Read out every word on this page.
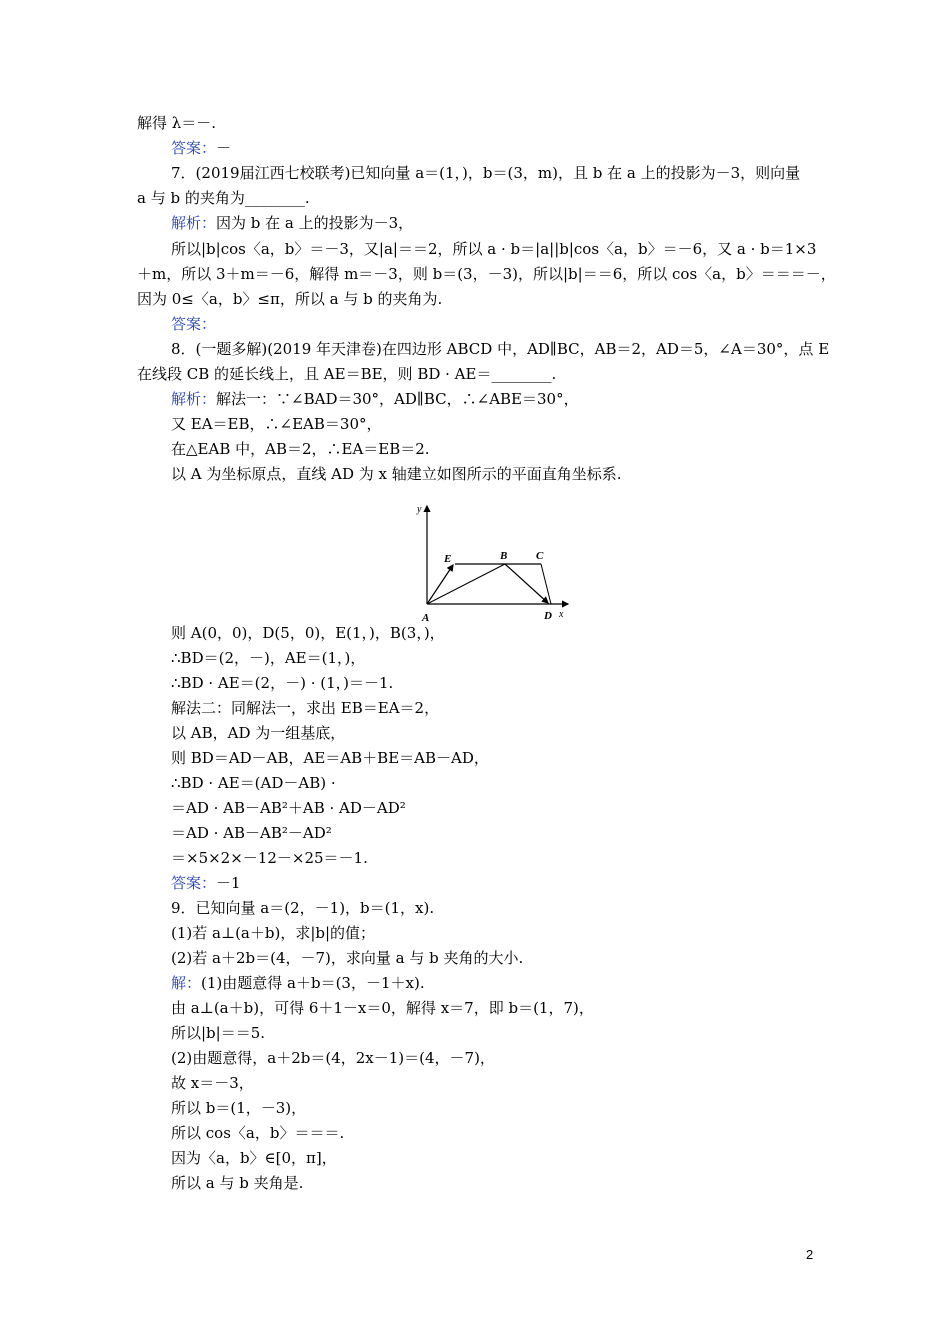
y
x
A	D
E	B	C
2
解得 λ＝－.
答案：－
7．(2019届江西七校联考)已知向量 a＝(1，)，b＝(3，m)，且 b 在 a 上的投影为－3，则向量
a 与 b 的夹角为________.
解析：因为 b 在 a 上的投影为－3，
所以|b|cos〈a，b〉＝－3，又|a|＝＝2，所以 a · b＝|a||b|cos〈a，b〉＝－6，又 a · b＝1×3
＋m，所以 3＋m＝－6，解得 m＝－3，则 b＝(3，－3)，所以|b|＝＝6，所以 cos〈a，b〉＝＝＝－，
因为 0≤〈a，b〉≤π，所以 a 与 b 的夹角为.
答案：
8．(一题多解)(2019 年天津卷)在四边形 ABCD 中，AD∥BC，AB＝2，AD＝5，∠A＝30°，点 E
在线段 CB 的延长线上，且 AE＝BE，则 BD · AE＝________.
解析：解法一：∵∠BAD＝30°，AD∥BC，∴∠ABE＝30°，
又 EA＝EB，∴∠EAB＝30°，
在△EAB 中，AB＝2，∴EA＝EB＝2.
以 A 为坐标原点，直线 AD 为 x 轴建立如图所示的平面直角坐标系.
则 A(0，0)，D(5，0)，E(1，)，B(3，)，
∴BD＝(2，－)，AE＝(1，)，
∴BD · AE＝(2，－) · (1，)＝－1.
解法二：同解法一，求出 EB＝EA＝2，
以 AB，AD 为一组基底，
则 BD＝AD－AB，AE＝AB＋BE＝AB－AD，
∴BD · AE＝(AD－AB) ·
＝AD · AB－AB²＋AB · AD－AD²
＝AD · AB－AB²－AD²
＝×5×2×－12－×25＝－1.
答案：－1
9．已知向量 a＝(2，－1)，b＝(1，x).
(1)若 a⊥(a＋b)，求|b|的值；
(2)若 a＋2b＝(4，－7)，求向量 a 与 b 夹角的大小.
解：(1)由题意得 a＋b＝(3，－1＋x).
由 a⊥(a＋b)，可得 6＋1－x＝0，解得 x＝7，即 b＝(1，7)，
所以|b|＝＝5.
(2)由题意得，a＋2b＝(4，2x－1)＝(4，－7)，
故 x＝－3，
所以 b＝(1，－3)，
所以 cos〈a，b〉＝＝＝.
因为〈a，b〉∈[0，π]，
所以 a 与 b 夹角是.
